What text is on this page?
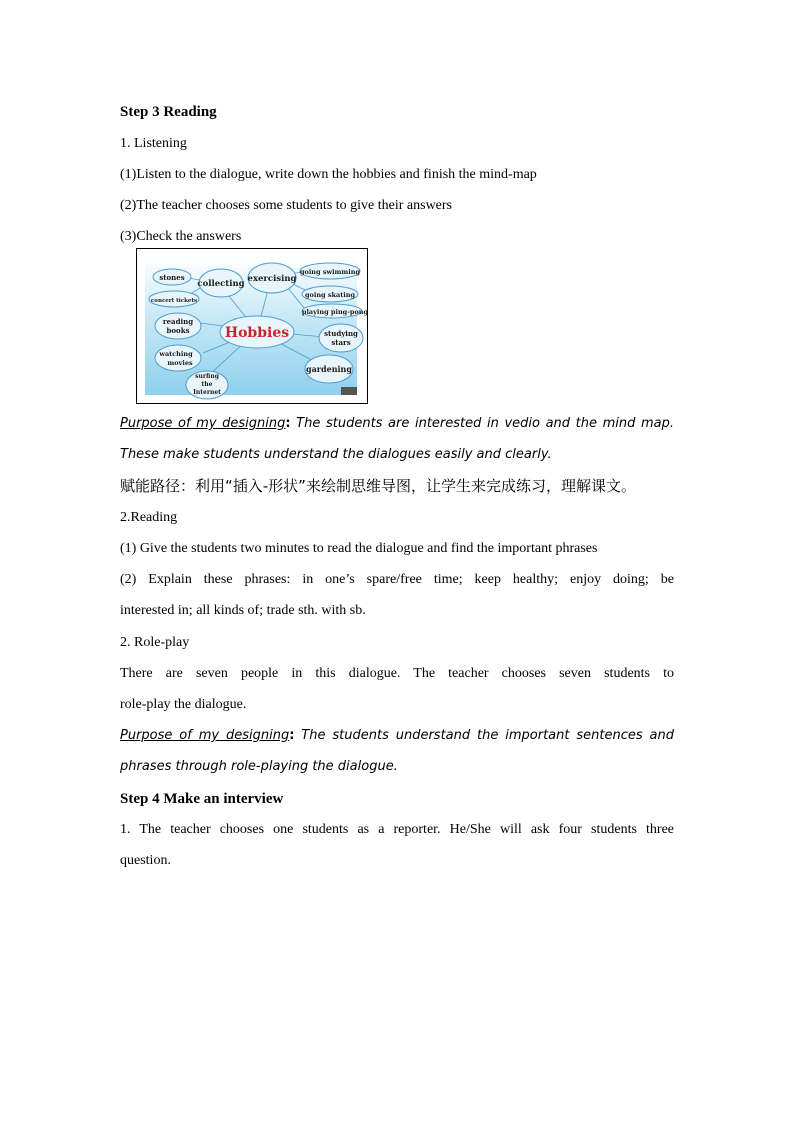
Step 3 Reading
1. Listening
(1)Listen to the dialogue, write down the hobbies and finish the mind-map
(2)The teacher chooses some students to give their answers
(3)Check the answers
stones
concert tickets
collecting exercising
going swimming
going skating
playing ping-pong
reading
books	Hobbies	studying
stars
watching
movies
gardening
surfing
the
Internet
Purpose of my designing: The students are interested in vedio and the mind map.
These make students understand the dialogues easily and clearly.
赋能路径：利用“插入-形状”来绘制思维导图，让学生来完成练习，理解课文。
2.Reading
(1) Give the students two minutes to read the dialogue and find the important phrases
(2) Explain these phrases: in one’s spare/free time; keep healthy; enjoy doing; be
interested in; all kinds of; trade sth. with sb.
2. Role-play
There are seven people in this dialogue. The teacher chooses seven students to
role-play the dialogue.
Purpose of my designing: The students understand the important sentences and
phrases through role-playing the dialogue.
Step 4 Make an interview
1. The teacher chooses one students as a reporter. He/She will ask four students three
question.
